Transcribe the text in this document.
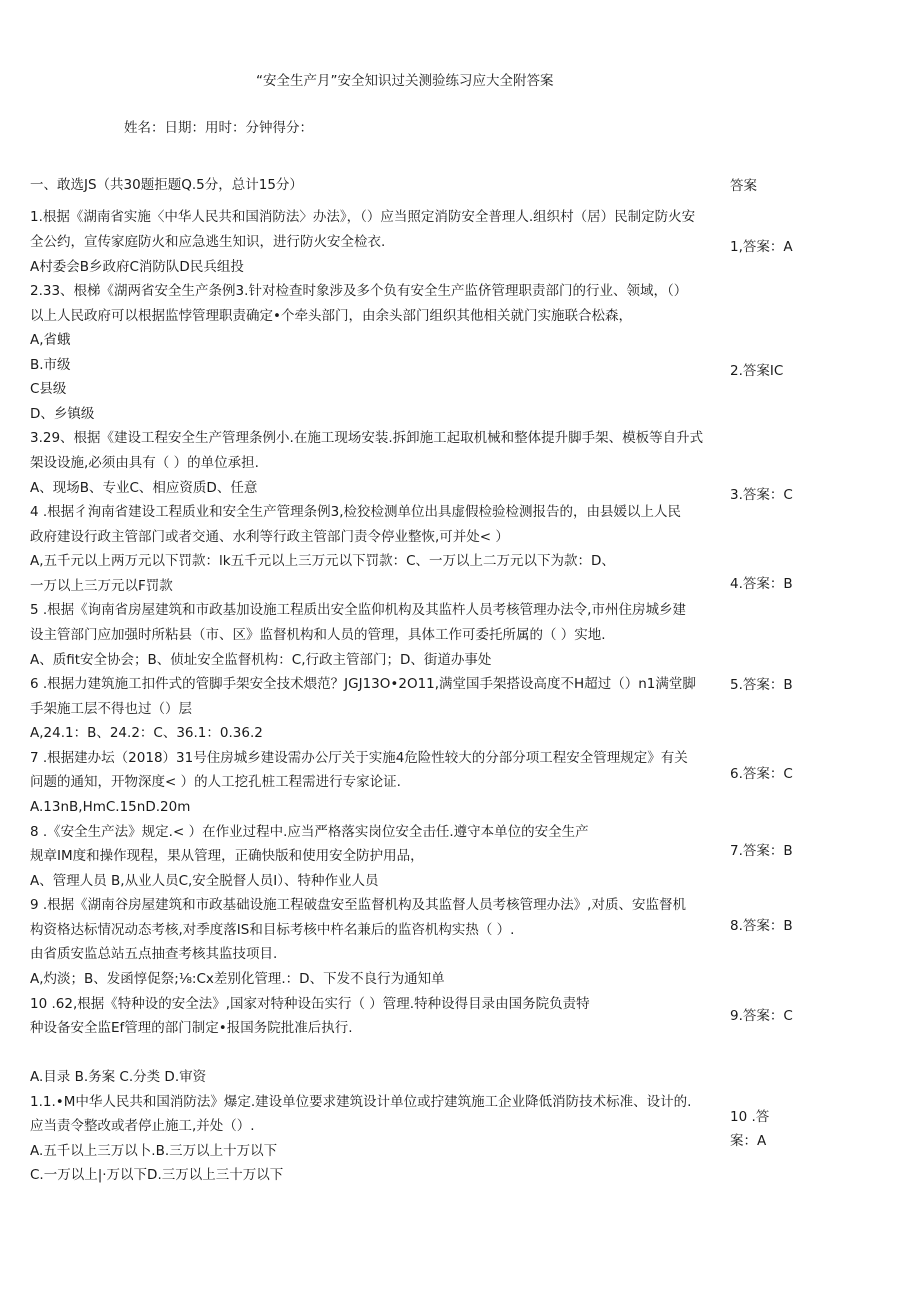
“安全生产月”安全知识过关测验练习应大全附答案
姓名：日期：用时：分钟得分：
一、敢选JS（共30题拒题Q.5分，总计15分）	答案
1.根据《湖南省实施〈中华人民共和国消防法〉办法》，（）应当照定消防安全普理人.组织村（居）民制定防火安
全公约，宣传家庭防火和应急逃生知识，进行防火安全检衣.
A村委会B乡政府C消防队D民兵组投
2.33、根梯《湖两省安全生产条例3.针对检查时象涉及多个负有安全生产监侪管理职责部门的行业、领域，（）
以上人民政府可以根据监悖管理职责确定•个牵头部门，由余头部门组织其他相关就门实施联合松森，
A,省蛾
B.市级
C县级
D、乡镇级
3.29、根据《建设工程安全生产管理条例小.在施工现场安装.拆卸施工起取机械和整体提升脚手架、模板等自升式
架设设施,必须由具有（ ）的单位承担.
A、现场B、专业C、相应资质D、任意
4 .根据彳洵南省建设工程质业和安全生产管理条例3,检狡检测单位出具虚假检验检测报告的，由县媛以上人民
政府建设行政主管部门或者交通、水利等行政主管部门责令停业整恢,可并处< ）
A,五千元以上两万元以下罚款：lk五千元以上三万元以下罚款：C、一万以上二万元以下为款：D、
一万以上三万元以F罚款
5 .根据《询南省房屋建筑和市政基加设施工程质出安全监仰机构及其监杵人员考核管理办法令,市州住房城乡建
设主管部门应加强时所粘县（市、区》监督机构和人员的管理，具体工作可委托所属的（ ）实地.
A、质fit安全协会；B、侦址安全监督机构：C,行政主管部门；D、街道办事处
6 .根据力建筑施工扣件式的管脚手架安全技术煨范？JGJ13O•2O11,满堂国手架搭设高度不H超过（）n1满堂脚
手架施工层不得也过（）层
A,24.1：B、24.2：C、36.1：0.36.2
7 .根据建办坛（2018）31号住房城乡建设需办公厅关于实施4危险性较大的分部分项工程安全管理规定》有关
问题的通知，开物深度< ）的人工挖孔桩工程需进行专家论证.
A.13nB,HmC.15nD.20m
8 .《安全生产法》规定.< ）在作业过程中.应当严格落实岗位安全击任.遵守本单位的安全生产
规章IM度和操作现程，果从管理，正确快版和使用安全防护用品，
A、管理人员 B,从业人员C,安全脱督人员I）、特种作业人员
9 .根据《湖南谷房屋建筑和市政基础设施工程破盘安至监督机构及其监督人员考核管理办法》,对质、安监督机
构资格达标情况动态考核,对季度落IS和目标考核中杵名兼后的监咨机构实热（ ）.
由省质安监总站五点抽查考核其监技项目.
A,灼淡；B、发函惇促祭;⅛:Cx差别化管理.：D、下发不良行为通知单
10 .62,根据《特种设的安全法》,国家对特种设缶实行（ ）管理.特种设得目录由国务院负责特
种设备安全监Ef管理的部门制定•报国务院批准后执行.
A.目录 B.务案 C.分类 D.审资
1.1.•M中华人民共和国消防法》爆定.建设单位要求建筑设计单位或拧建筑施工企业降低消防技术标准、设计的.
应当责令整改或者停止施工,并处（）.
A.五千以上三万以卜.B.三万以上十万以下
C.一万以上|·万以下D.三万以上三十万以下
1,答案：A
2.答案IC
3.答案：C
4.答案：B
5.答案：B
6.答案：C
7.答案：B
8.答案：B
9.答案：C
10 .答
案：A
